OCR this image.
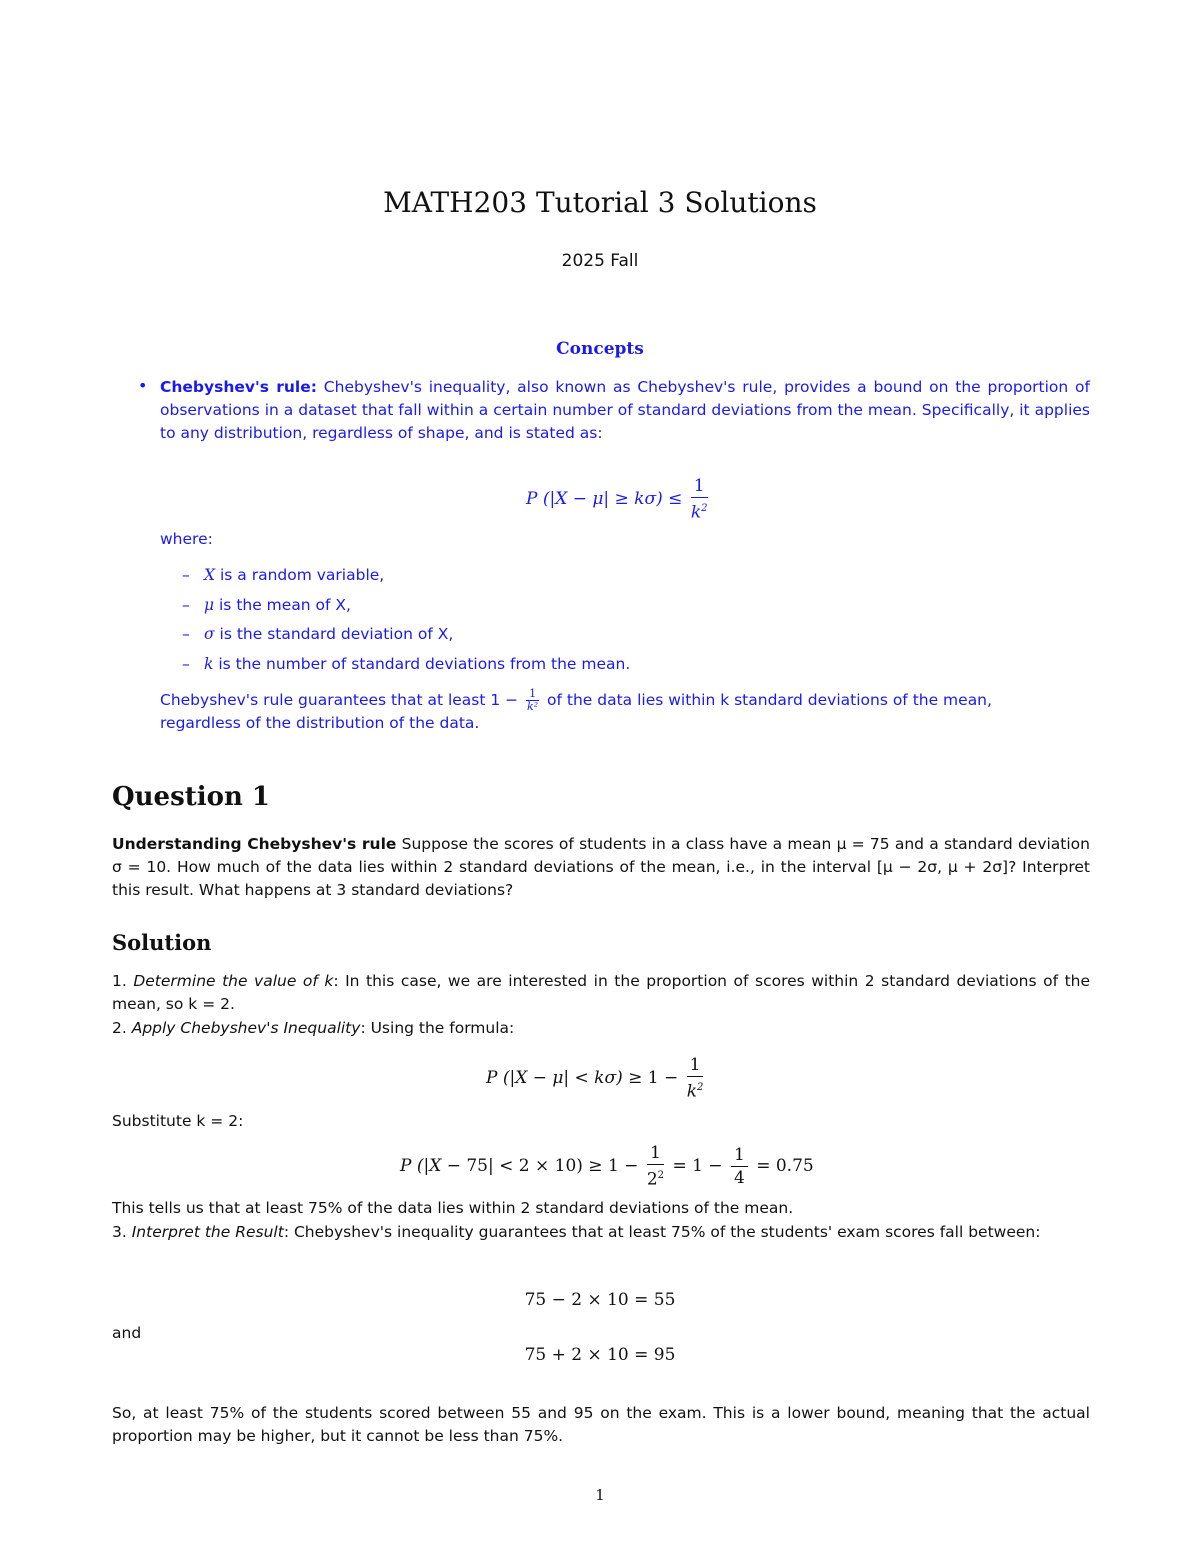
MATH203 Tutorial 3 Solutions
2025 Fall
Concepts
• Chebyshev's rule: Chebyshev's inequality, also known as Chebyshev's rule, provides a bound on the proportion of observations in a dataset that fall within a certain number of standard deviations from the mean. Specifically, it applies to any distribution, regardless of shape, and is stated as:
P $(|X - \mu| \ge k\sigma) \le \frac{1}{k^2}$
where:
– X is a random variable,
– μ is the mean of X,
– σ is the standard deviation of X,
– k is the number of standard deviations from the mean.
Chebyshev's rule guarantees that at least $1 - \frac{1}{\text{k²}}$ of the data lies within k standard deviations of the mean,
regardless of the distribution of the data.
Question 1
Understanding Chebyshev's rule Suppose the scores of students in a class have a mean μ = 75 and a standard deviation σ = 10. How much of the data lies within 2 standard deviations of the mean, i.e., in the interval [μ − 2σ, μ + 2σ]? Interpret this result. What happens at 3 standard deviations?
Solution
1. Determine the value of k: In this case, we are interested in the proportion of scores within 2 standard deviations of the mean, so k = 2.
2. Apply Chebyshev's Inequality: Using the formula:
P $(|X - \mu| < k\sigma) \ge 1 - \frac{1}{k^2}$
Substitute k = 2:
P $(|X - 75| < 2 \times 10) \ge 1 - \frac{1}{2^2} = 1 - \frac{1}{4} = 0.75$
This tells us that at least 75% of the data lies within 2 standard deviations of the mean.
3. Interpret the Result: Chebyshev's inequality guarantees that at least 75% of the students' exam scores fall between:
75 − 2 × 10 = 55
and
75 + 2 × 10 = 95
So, at least 75% of the students scored between 55 and 95 on the exam. This is a lower bound, meaning that the actual proportion may be higher, but it cannot be less than 75%.
1
